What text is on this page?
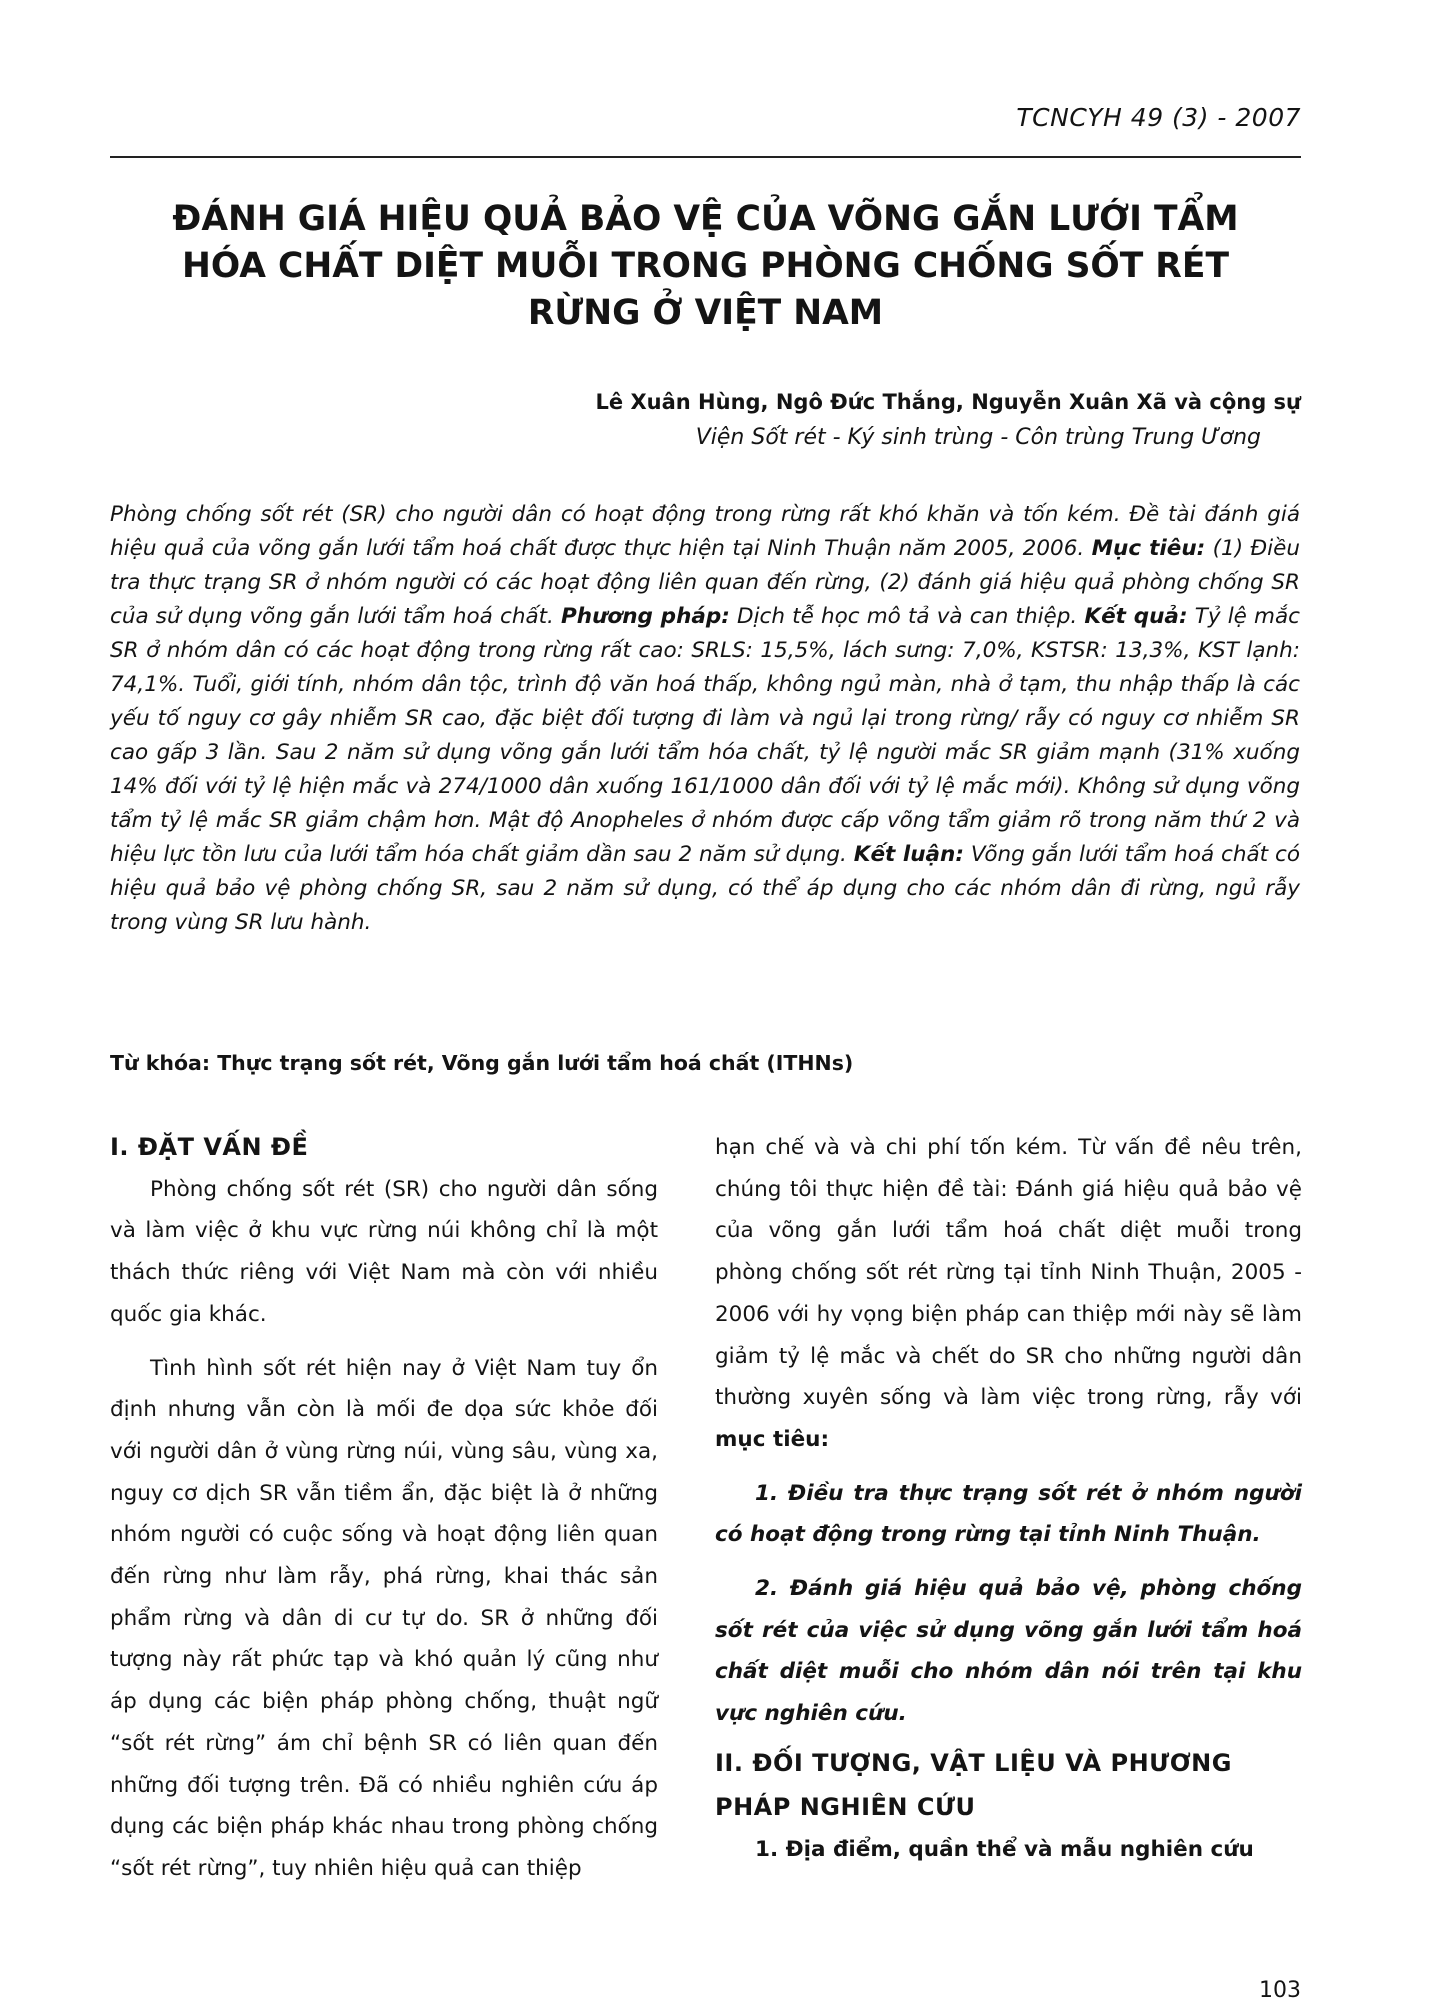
TCNCYH 49 (3) - 2007
ĐÁNH GIÁ HIỆU QUẢ BẢO VỆ CỦA VÕNG GẮN LƯỚI TẨM HÓA CHẤT DIỆT MUỖI TRONG PHÒNG CHỐNG SỐT RÉT RỪNG Ở VIỆT NAM
Lê Xuân Hùng, Ngô Đức Thắng, Nguyễn Xuân Xã và cộng sự
Viện Sốt rét - Ký sinh trùng - Côn trùng Trung Ương
Phòng chống sốt rét (SR) cho người dân có hoạt động trong rừng rất khó khăn và tốn kém. Đề tài đánh giá hiệu quả của võng gắn lưới tẩm hoá chất được thực hiện tại Ninh Thuận năm 2005, 2006. Mục tiêu: (1) Điều tra thực trạng SR ở nhóm người có các hoạt động liên quan đến rừng, (2) đánh giá hiệu quả phòng chống SR của sử dụng võng gắn lưới tẩm hoá chất. Phương pháp: Dịch tễ học mô tả và can thiệp. Kết quả: Tỷ lệ mắc SR ở nhóm dân có các hoạt động trong rừng rất cao: SRLS: 15,5%, lách sưng: 7,0%, KSTSR: 13,3%, KST lạnh: 74,1%. Tuổi, giới tính, nhóm dân tộc, trình độ văn hoá thấp, không ngủ màn, nhà ở tạm, thu nhập thấp là các yếu tố nguy cơ gây nhiễm SR cao, đặc biệt đối tượng đi làm và ngủ lại trong rừng/ rẫy có nguy cơ nhiễm SR cao gấp 3 lần. Sau 2 năm sử dụng võng gắn lưới tẩm hóa chất, tỷ lệ người mắc SR giảm mạnh (31% xuống 14% đối với tỷ lệ hiện mắc và 274/1000 dân xuống 161/1000 dân đối với tỷ lệ mắc mới). Không sử dụng võng tẩm tỷ lệ mắc SR giảm chậm hơn. Mật độ Anopheles ở nhóm được cấp võng tẩm giảm rõ trong năm thứ 2 và hiệu lực tồn lưu của lưới tẩm hóa chất giảm dần sau 2 năm sử dụng. Kết luận: Võng gắn lưới tẩm hoá chất có hiệu quả bảo vệ phòng chống SR, sau 2 năm sử dụng, có thể áp dụng cho các nhóm dân đi rừng, ngủ rẫy trong vùng SR lưu hành.
Từ khóa: Thực trạng sốt rét, Võng gắn lưới tẩm hoá chất (ITHNs)

I. ĐẶT VẤN ĐỀ

Phòng chống sốt rét (SR) cho người dân sống và làm việc ở khu vực rừng núi không chỉ là một thách thức riêng với Việt Nam mà còn với nhiều quốc gia khác.

Tình hình sốt rét hiện nay ở Việt Nam tuy ổn định nhưng vẫn còn là mối đe dọa sức khỏe đối với người dân ở vùng rừng núi, vùng sâu, vùng xa, nguy cơ dịch SR vẫn tiềm ẩn, đặc biệt là ở những nhóm người có cuộc sống và hoạt động liên quan đến rừng như làm rẫy, phá rừng, khai thác sản phẩm rừng và dân di cư tự do. SR ở những đối tượng này rất phức tạp và khó quản lý cũng như áp dụng các biện pháp phòng chống, thuật ngữ “sốt rét rừng” ám chỉ bệnh SR có liên quan đến những đối tượng trên. Đã có nhiều nghiên cứu áp dụng các biện pháp khác nhau trong phòng chống “sốt rét rừng”, tuy nhiên hiệu quả can thiệp

hạn chế và và chi phí tốn kém. Từ vấn đề nêu trên, chúng tôi thực hiện đề tài: Đánh giá hiệu quả bảo vệ của võng gắn lưới tẩm hoá chất diệt muỗi trong phòng chống sốt rét rừng tại tỉnh Ninh Thuận, 2005 - 2006 với hy vọng biện pháp can thiệp mới này sẽ làm giảm tỷ lệ mắc và chết do SR cho những người dân thường xuyên sống và làm việc trong rừng, rẫy với mục tiêu:

1. Điều tra thực trạng sốt rét ở nhóm người có hoạt động trong rừng tại tỉnh Ninh Thuận.

2. Đánh giá hiệu quả bảo vệ, phòng chống sốt rét của việc sử dụng võng gắn lưới tẩm hoá chất diệt muỗi cho nhóm dân nói trên tại khu vực nghiên cứu.

II. ĐỐI TƯỢNG, VẬT LIỆU VÀ PHƯƠNG PHÁP NGHIÊN CỨU

1. Địa điểm, quần thể và mẫu nghiên cứu

103
